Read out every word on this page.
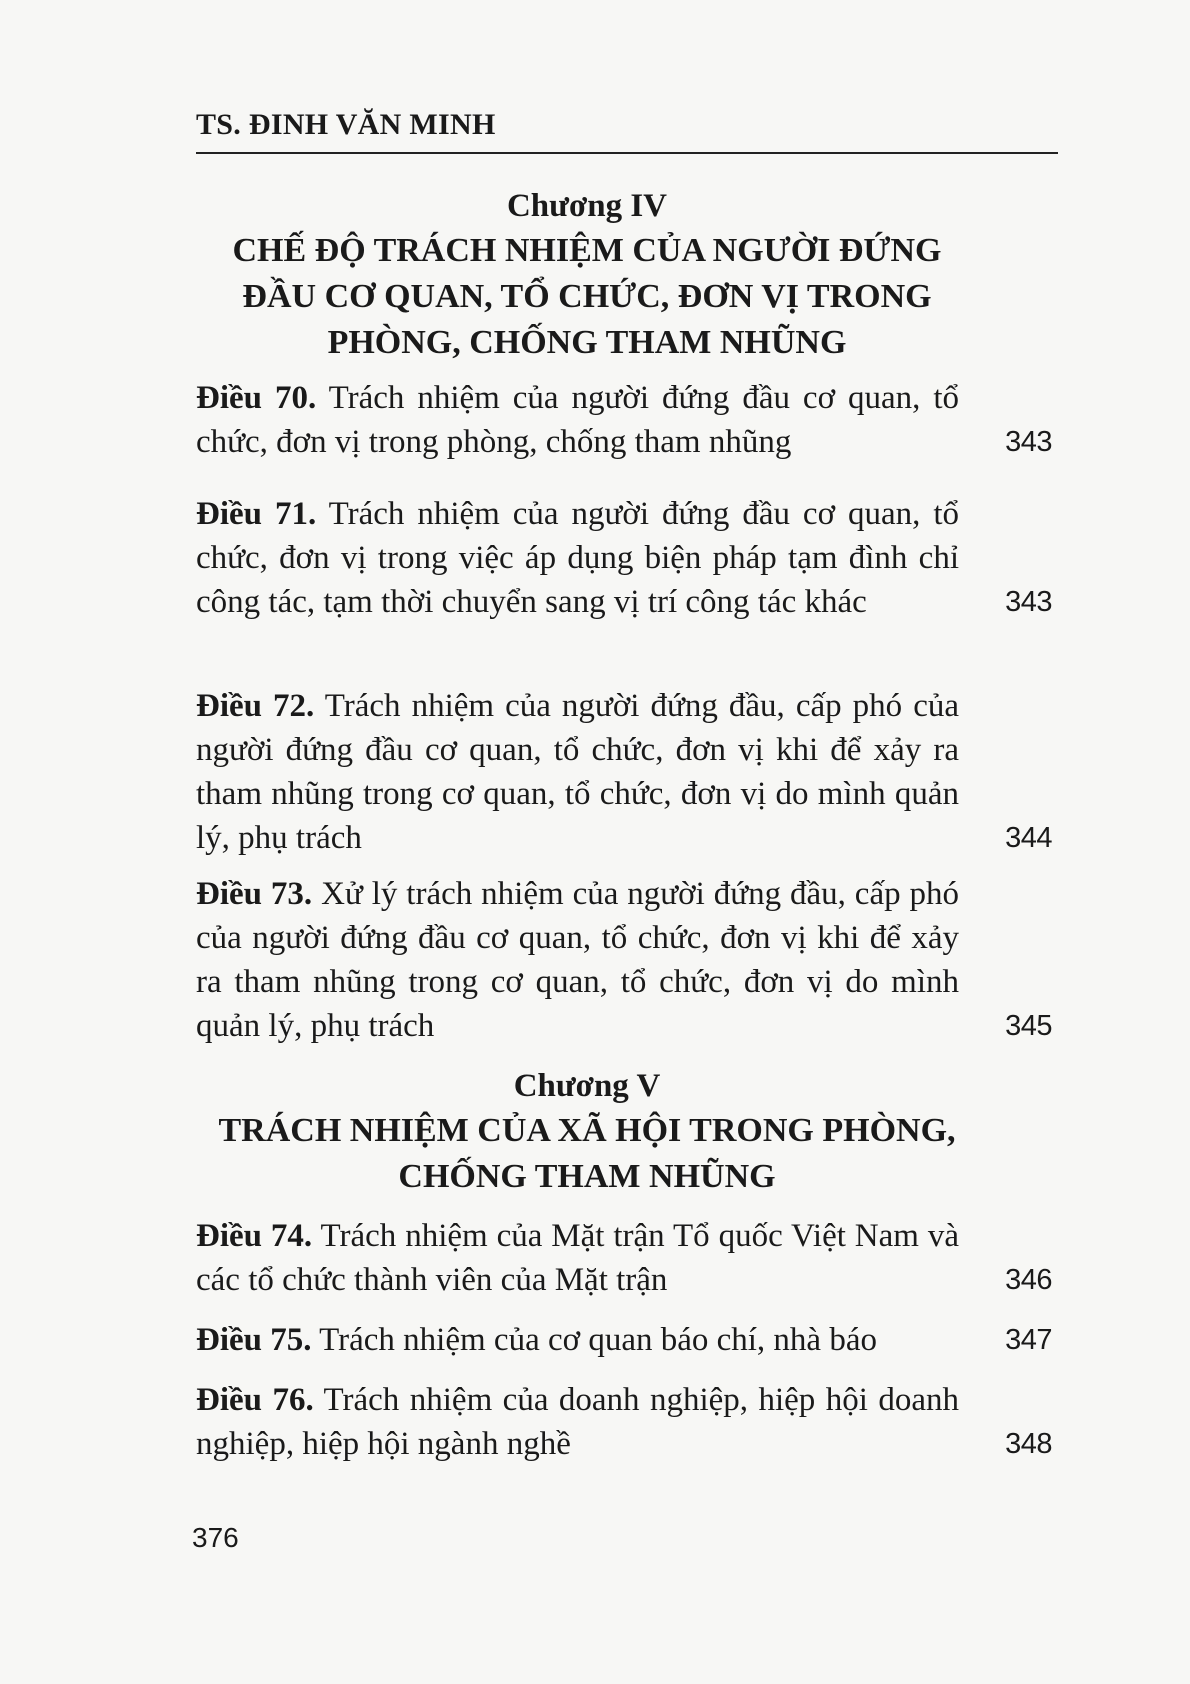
TS. ĐINH VĂN MINH
Chương IV
CHẾ ĐỘ TRÁCH NHIỆM CỦA NGƯỜI ĐỨNG ĐẦU CƠ QUAN, TỔ CHỨC, ĐƠN VỊ TRONG PHÒNG, CHỐNG THAM NHŨNG
Điều 70. Trách nhiệm của người đứng đầu cơ quan, tổ chức, đơn vị trong phòng, chống tham nhũng	343
Điều 71. Trách nhiệm của người đứng đầu cơ quan, tổ chức, đơn vị trong việc áp dụng biện pháp tạm đình chỉ công tác, tạm thời chuyển sang vị trí công tác khác	343
Điều 72. Trách nhiệm của người đứng đầu, cấp phó của người đứng đầu cơ quan, tổ chức, đơn vị khi để xảy ra tham nhũng trong cơ quan, tổ chức, đơn vị do mình quản lý, phụ trách	344
Điều 73. Xử lý trách nhiệm của người đứng đầu, cấp phó của người đứng đầu cơ quan, tổ chức, đơn vị khi để xảy ra tham nhũng trong cơ quan, tổ chức, đơn vị do mình quản lý, phụ trách	345
Chương V
TRÁCH NHIỆM CỦA XÃ HỘI TRONG PHÒNG, CHỐNG THAM NHŨNG
Điều 74. Trách nhiệm của Mặt trận Tổ quốc Việt Nam và các tổ chức thành viên của Mặt trận	346
Điều 75. Trách nhiệm của cơ quan báo chí, nhà báo	347
Điều 76. Trách nhiệm của doanh nghiệp, hiệp hội doanh nghiệp, hiệp hội ngành nghề	348
376
